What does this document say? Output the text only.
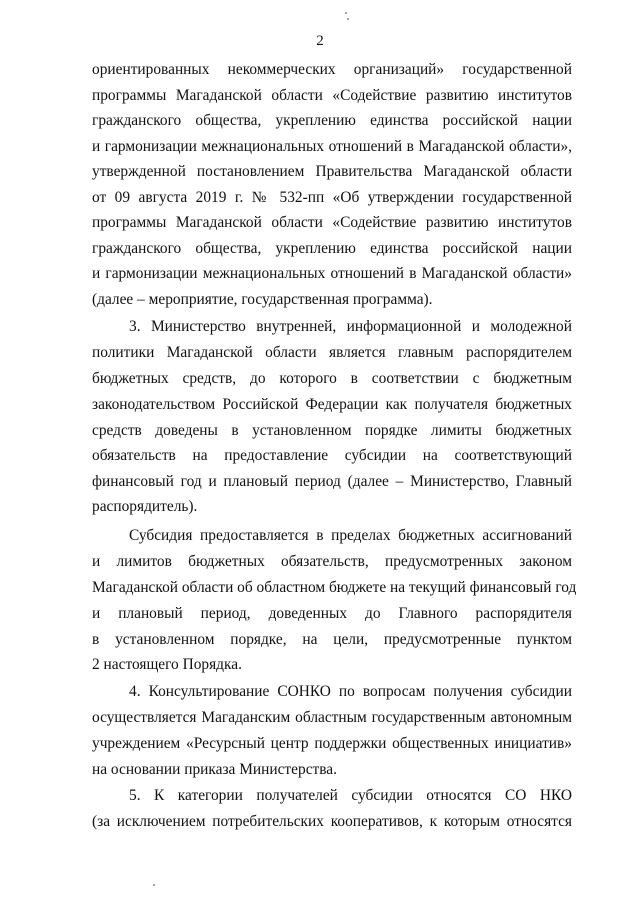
2
ориентированных некоммерческих организаций» государственной
программы Магаданской области «Содействие развитию институтов
гражданского общества, укреплению единства российской нации
и гармонизации межнациональных отношений в Магаданской области»,
утвержденной постановлением Правительства Магаданской области
от 09 августа 2019 г. № 532-пп «Об утверждении государственной
программы Магаданской области «Содействие развитию институтов
гражданского общества, укреплению единства российской нации
и гармонизации межнациональных отношений в Магаданской области»
(далее – мероприятие, государственная программа).
3. Министерство внутренней, информационной и молодежной
политики Магаданской области является главным распорядителем
бюджетных средств, до которого в соответствии с бюджетным
законодательством Российской Федерации как получателя бюджетных
средств доведены в установленном порядке лимиты бюджетных
обязательств на предоставление субсидии на соответствующий
финансовый год и плановый период (далее – Министерство, Главный
распорядитель).
Субсидия предоставляется в пределах бюджетных ассигнований
и лимитов бюджетных обязательств, предусмотренных законом
Магаданской области об областном бюджете на текущий финансовый год
и плановый период, доведенных до Главного распорядителя
в установленном порядке, на цели, предусмотренные пунктом
2 настоящего Порядка.
4. Консультирование СОНКО по вопросам получения субсидии
осуществляется Магаданским областным государственным автономным
учреждением «Ресурсный центр поддержки общественных инициатив»
на основании приказа Министерства.
5. К категории получателей субсидии относятся СО НКО
(за исключением потребительских кооперативов, к которым относятся
